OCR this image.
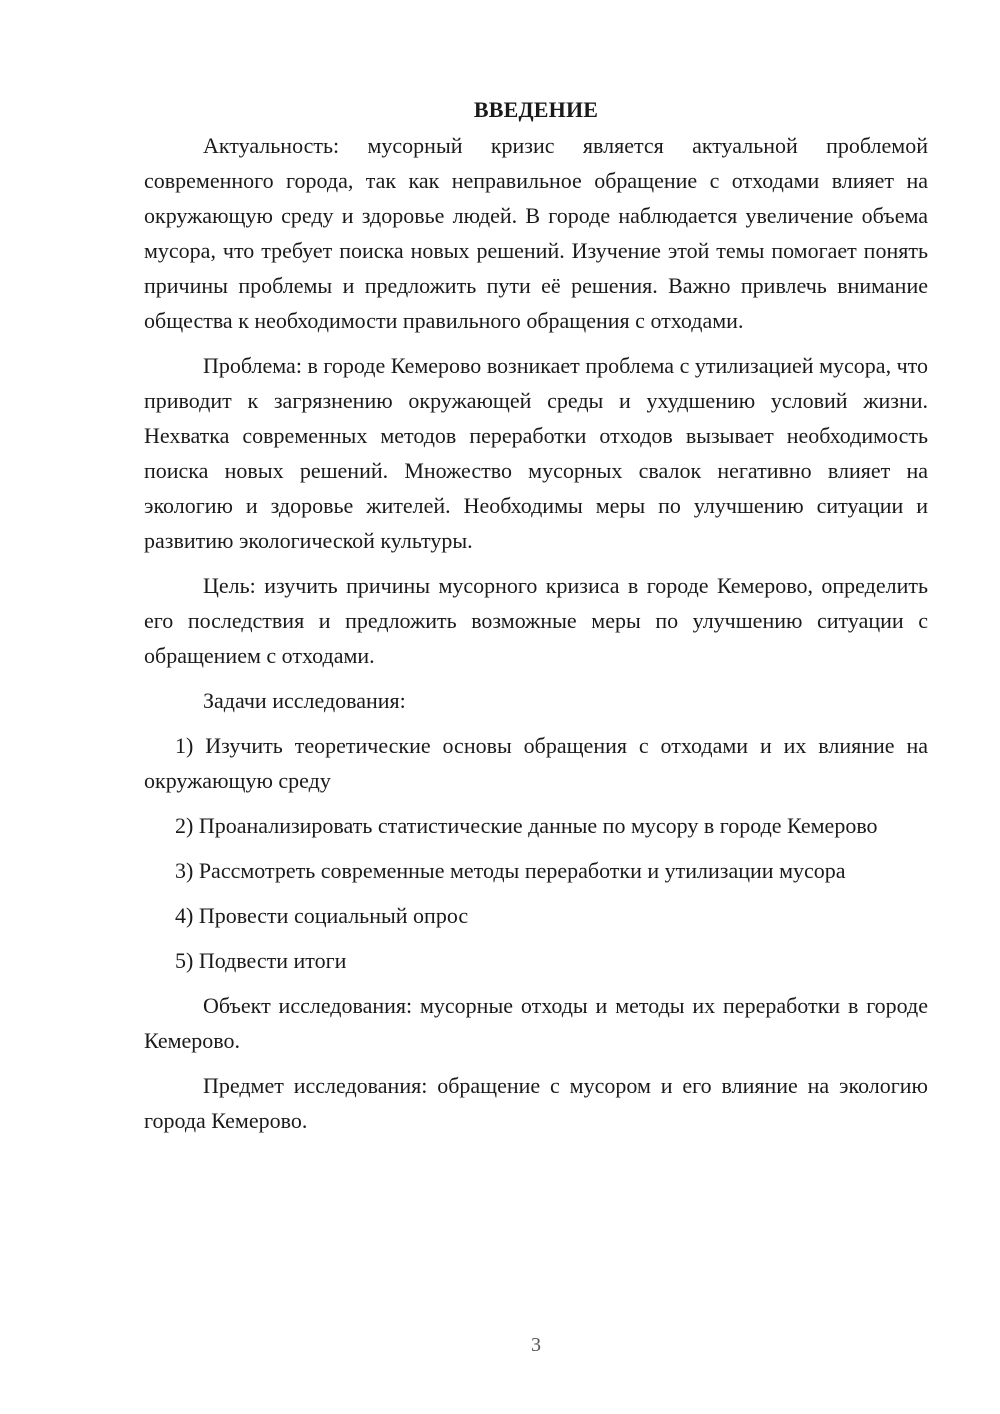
ВВЕДЕНИЕ

Актуальность: мусорный кризис является актуальной проблемой современного города, так как неправильное обращение с отходами влияет на окружающую среду и здоровье людей. В городе наблюдается увеличение объема мусора, что требует поиска новых решений. Изучение этой темы помогает понять причины проблемы и предложить пути её решения. Важно привлечь внимание общества к необходимости правильного обращения с отходами.

Проблема: в городе Кемерово возникает проблема с утилизацией мусора, что приводит к загрязнению окружающей среды и ухудшению условий жизни. Нехватка современных методов переработки отходов вызывает необходимость поиска новых решений. Множество мусорных свалок негативно влияет на экологию и здоровье жителей. Необходимы меры по улучшению ситуации и развитию экологической культуры.

Цель: изучить причины мусорного кризиса в городе Кемерово, определить его последствия и предложить возможные меры по улучшению ситуации с обращением с отходами.

Задачи исследования:

1) Изучить теоретические основы обращения с отходами и их влияние на окружающую среду

2) Проанализировать статистические данные по мусору в городе Кемерово

3) Рассмотреть современные методы переработки и утилизации мусора

4) Провести социальный опрос

5) Подвести итоги

Объект исследования: мусорные отходы и методы их переработки в городе Кемерово.

Предмет исследования: обращение с мусором и его влияние на экологию города Кемерово.

3
